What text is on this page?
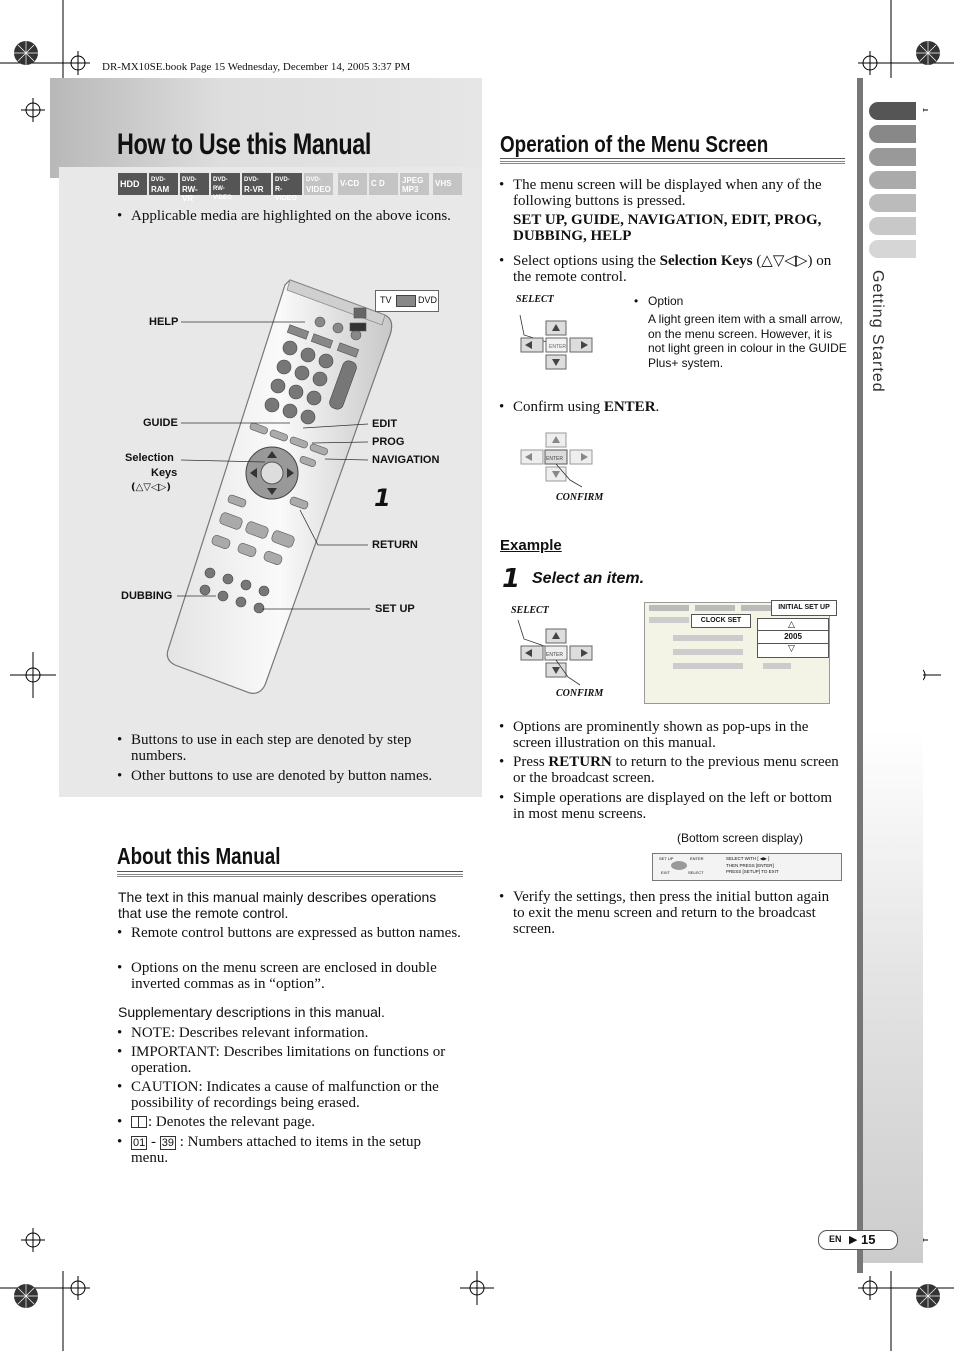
DR-MX10SE.book Page 15 Wednesday, December 14, 2005 3:37 PM
How to Use this Manual
HDD	DVD-
RAM
DVD-
RW-VR
DVD-
RW-VIDEO
DVD-
R-VR
DVD-
R-VIDEO
DVD-
VIDEO
V-CD	C D	JPEG
MP3
VHS
• Applicable media are highlighted on the above icons.
TV	DVD
HELP
GUIDE
Selection
Keys
(△▽◁▷)
EDIT
PROG
NAVIGATION
1
RETURN
DUBBING
SET UP
• Buttons to use in each step are denoted by step numbers.
• Other buttons to use are denoted by button names.
About this Manual
The text in this manual mainly describes operations that use the remote control.
• Remote control buttons are expressed as button names.
• Options on the menu screen are enclosed in double inverted commas as in “option”.
Supplementary descriptions in this manual.
• NOTE: Describes relevant information.
• IMPORTANT: Describes limitations on functions or operation.
• CAUTION: Indicates a cause of malfunction or the possibility of recordings being erased.
• : Denotes the relevant page.
• 01 - 39 : Numbers attached to items in the setup menu.
Operation of the Menu Screen
• The menu screen will be displayed when any of the following buttons is pressed.
SET UP, GUIDE, NAVIGATION, EDIT, PROG, DUBBING, HELP
• Select options using the Selection Keys (△▽◁▷) on the remote control.
SELECT
ENTER
• Option
A light green item with a small arrow, on the menu screen. However, it is not light green in colour in the GUIDE Plus+ system.
• Confirm using ENTER.
ENTER
CONFIRM
Example
1 Select an item.
SELECT
ENTER
CONFIRM
INITIAL SET UP
CLOCK SET	△
2005
▽
• Options are prominently shown as pop-ups in the screen illustration on this manual.
• Press RETURN to return to the previous menu screen or the broadcast screen.
• Simple operations are displayed on the left or bottom in most menu screens.
(Bottom screen display)
SET UP
EXIT
ENTER
SELECT
SELECT WITH [ ◀▶ ]
THEN PRESS [ENTER]
PRESS [SETUP] TO EXIT
• Verify the settings, then press the initial button again to exit the menu screen and return to the broadcast screen.
Getting Started
EN ▶ 15
